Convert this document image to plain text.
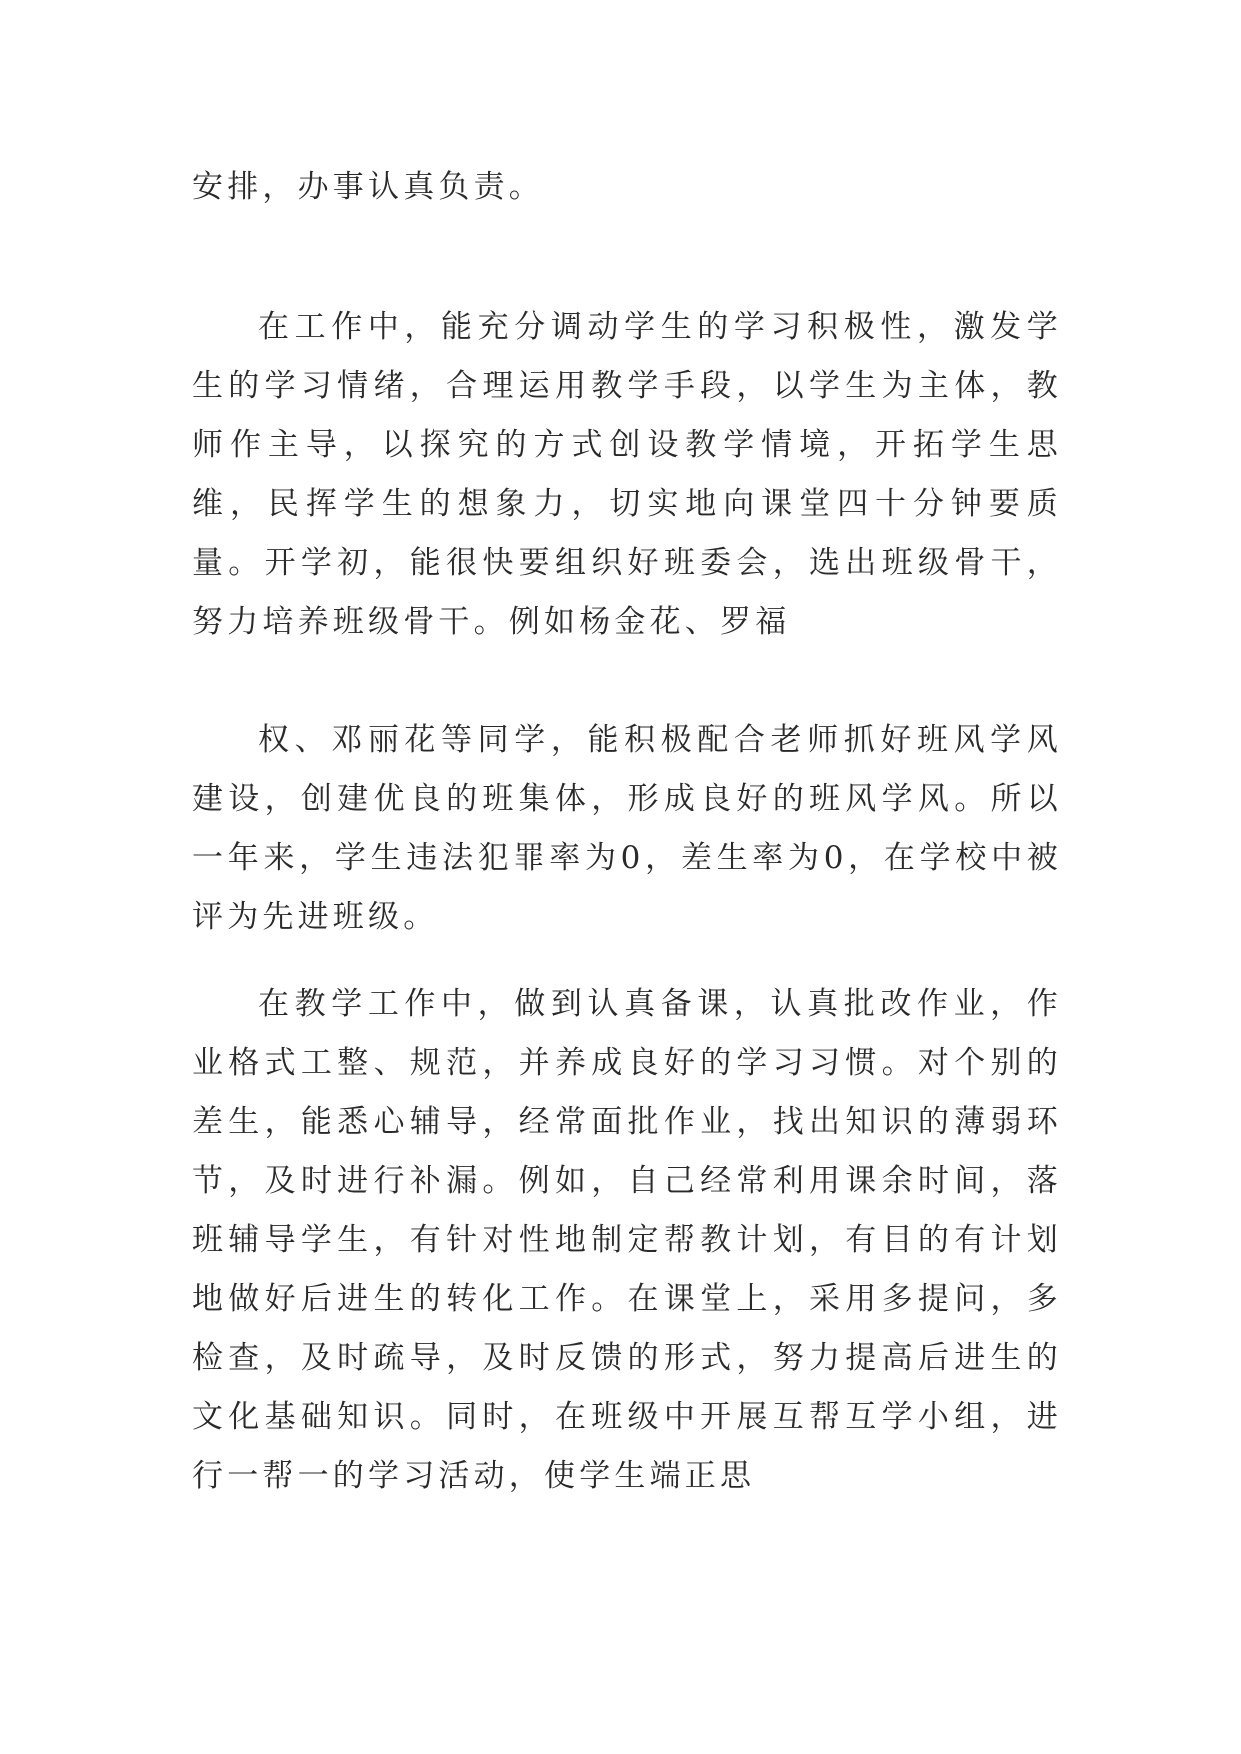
安排，办事认真负责。

在工作中，能充分调动学生的学习积极性，激发学生的学习情绪，合理运用教学手段，以学生为主体，教师作主导，以探究的方式创设教学情境，开拓学生思维，民挥学生的想象力，切实地向课堂四十分钟要质量。开学初，能很快要组织好班委会，选出班级骨干，努力培养班级骨干。例如杨金花、罗福

权、邓丽花等同学，能积极配合老师抓好班风学风建设，创建优良的班集体，形成良好的班风学风。所以一年来，学生违法犯罪率为0，差生率为0，在学校中被评为先进班级。

在教学工作中，做到认真备课，认真批改作业，作业格式工整、规范，并养成良好的学习习惯。对个别的差生，能悉心辅导，经常面批作业，找出知识的薄弱环节，及时进行补漏。例如，自己经常利用课余时间，落班辅导学生，有针对性地制定帮教计划，有目的有计划地做好后进生的转化工作。在课堂上，采用多提问，多检查，及时疏导，及时反馈的形式，努力提高后进生的文化基础知识。同时，在班级中开展互帮互学小组，进行一帮一的学习活动，使学生端正思
